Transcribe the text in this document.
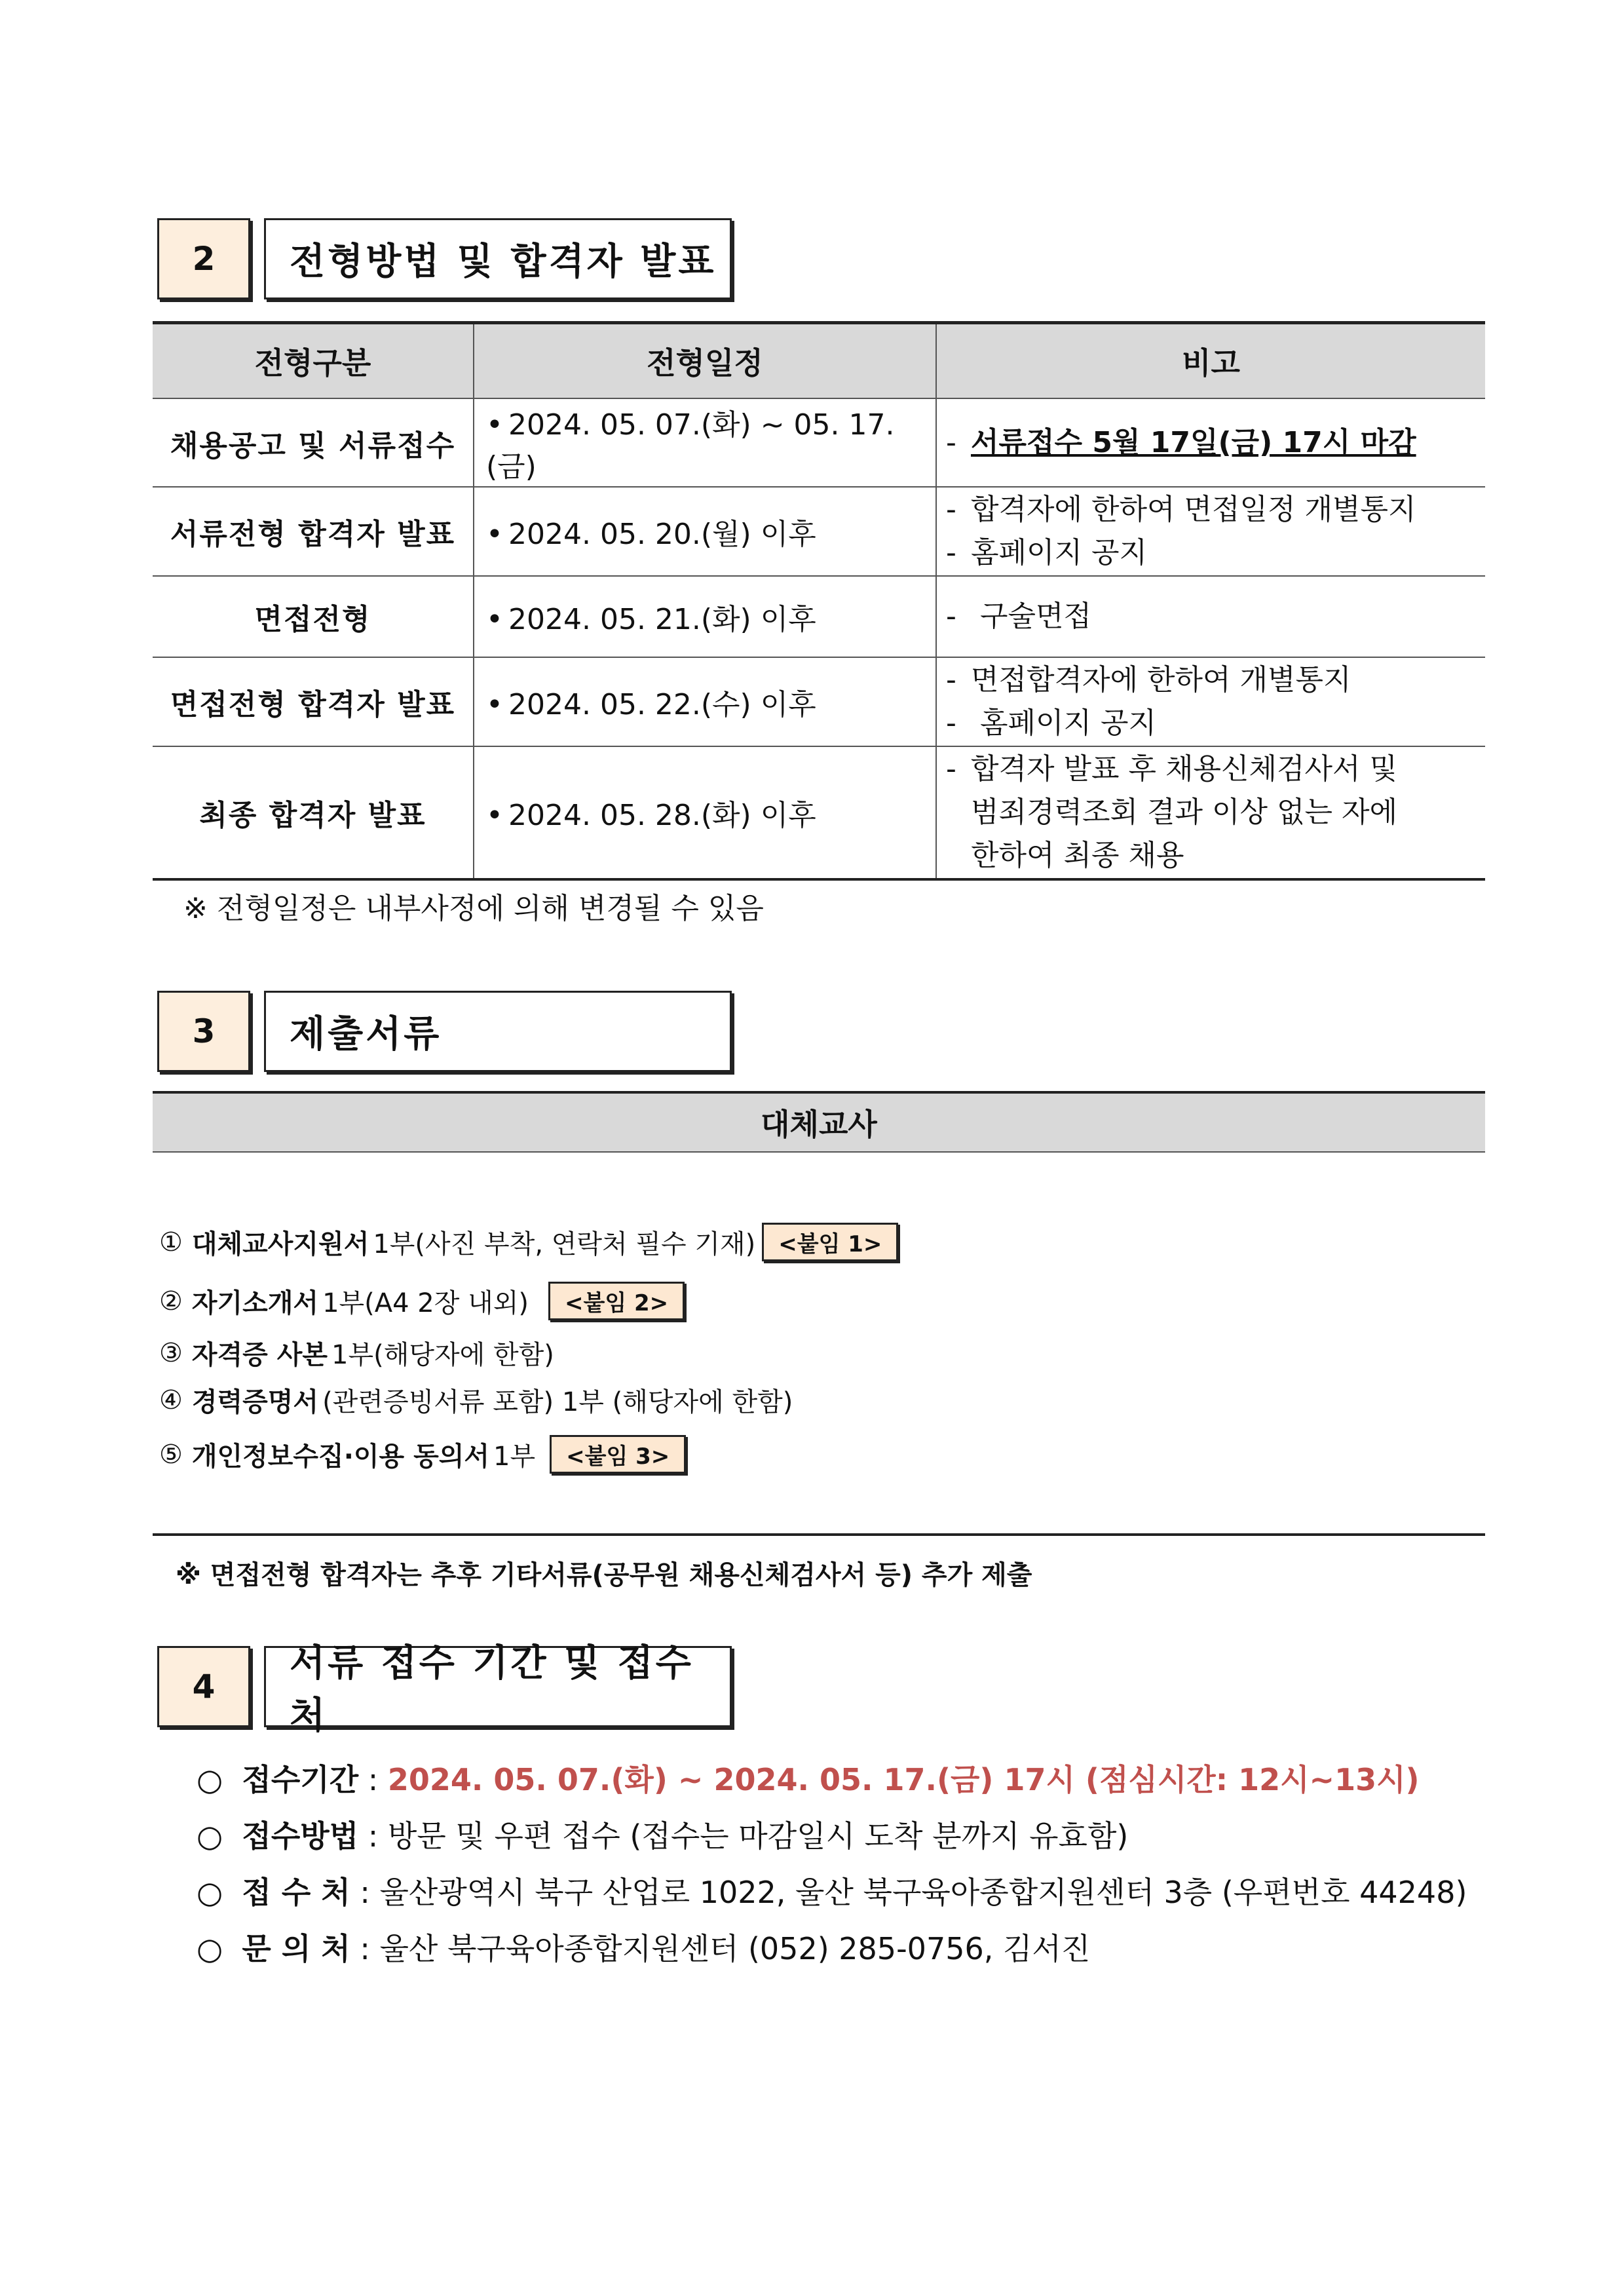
2	전형방법 및 합격자 발표
전형구분	전형일정	비고
채용공고 및 서류접수	• 2024. 05. 07.(화) ~ 05. 17.(금)	- 서류접수 5월 17일(금) 17시 마감
서류전형 합격자 발표	• 2024. 05. 20.(월) 이후	- 합격자에 한하여 면접일정 개별통지
- 홈페이지 공지

면접전형	• 2024. 05. 21.(화) 이후	- 구술면접
면접전형 합격자 발표	• 2024. 05. 22.(수) 이후	- 면접합격자에 한하여 개별통지
- 홈페이지 공지

최종 합격자 발표	• 2024. 05. 28.(화) 이후	- 합격자 발표 후 채용신체검사서 및
범죄경력조회 결과 이상 없는 자에
한하여 최종 채용
※ 전형일정은 내부사정에 의해 변경될 수 있음
3	제출서류
대체교사
① 대체교사지원서 1부(사진 부착, 연락처 필수 기재)	<붙임 1>
② 자기소개서 1부(A4 2장 내외)	<붙임 2>
③ 자격증 사본 1부(해당자에 한함)
④ 경력증명서 (관련증빙서류 포함) 1부 (해당자에 한함)
⑤ 개인정보수집·이용 동의서 1부	<붙임 3>
※ 면접전형 합격자는 추후 기타서류(공무원 채용신체검사서 등) 추가 제출
4
서류 접수 기간 및 접수처
○ 접수기간 : 2024. 05. 07.(화) ~ 2024. 05. 17.(금) 17시 (점심시간: 12시~13시)
○ 접수방법 : 방문 및 우편 접수 (접수는 마감일시 도착 분까지 유효함)
○ 접 수 처 : 울산광역시 북구 산업로 1022, 울산 북구육아종합지원센터 3층 (우편번호 44248)
○ 문 의 처 : 울산 북구육아종합지원센터 (052) 285-0756, 김서진
